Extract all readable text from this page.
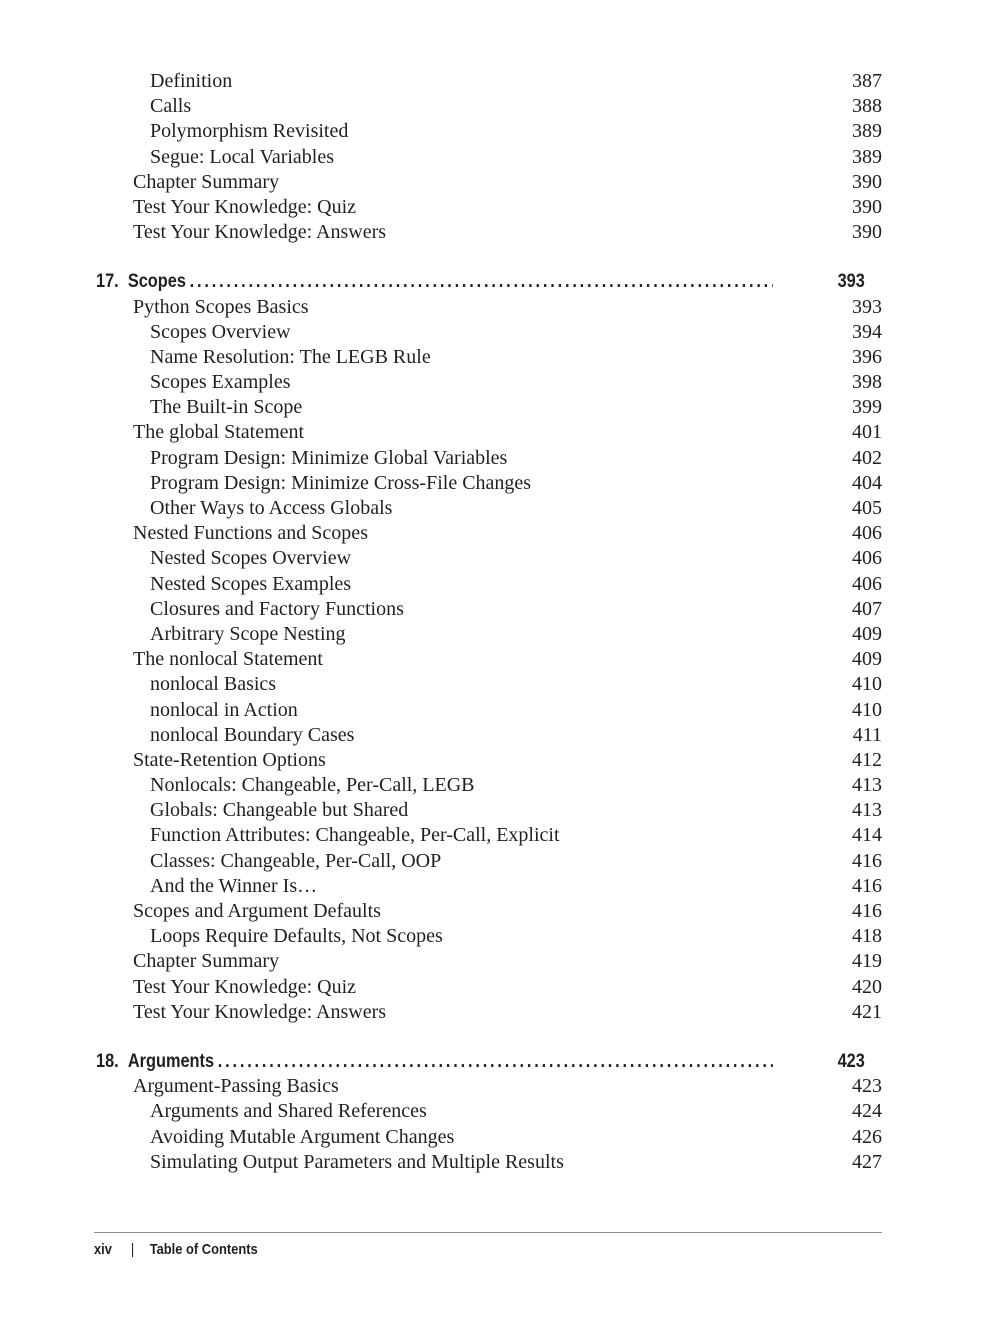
Definition	387
Calls	388
Polymorphism Revisited	389
Segue: Local Variables	389
Chapter Summary	390
Test Your Knowledge: Quiz	390
Test Your Knowledge: Answers	390
17. Scopes . . .	393
Python Scopes Basics	393
Scopes Overview	394
Name Resolution: The LEGB Rule	396
Scopes Examples	398
The Built-in Scope	399
The global Statement	401
Program Design: Minimize Global Variables	402
Program Design: Minimize Cross-File Changes	404
Other Ways to Access Globals	405
Nested Functions and Scopes	406
Nested Scopes Overview	406
Nested Scopes Examples	406
Closures and Factory Functions	407
Arbitrary Scope Nesting	409
The nonlocal Statement	409
nonlocal Basics	410
nonlocal in Action	410
nonlocal Boundary Cases	411
State-Retention Options	412
Nonlocals: Changeable, Per-Call, LEGB	413
Globals: Changeable but Shared	413
Function Attributes: Changeable, Per-Call, Explicit	414
Classes: Changeable, Per-Call, OOP	416
And the Winner Is…	416
Scopes and Argument Defaults	416
Loops Require Defaults, Not Scopes	418
Chapter Summary	419
Test Your Knowledge: Quiz	420
Test Your Knowledge: Answers	421
18. Arguments . . .	423
Argument-Passing Basics	423
Arguments and Shared References	424
Avoiding Mutable Argument Changes	426
Simulating Output Parameters and Multiple Results	427
xiv | Table of Contents
